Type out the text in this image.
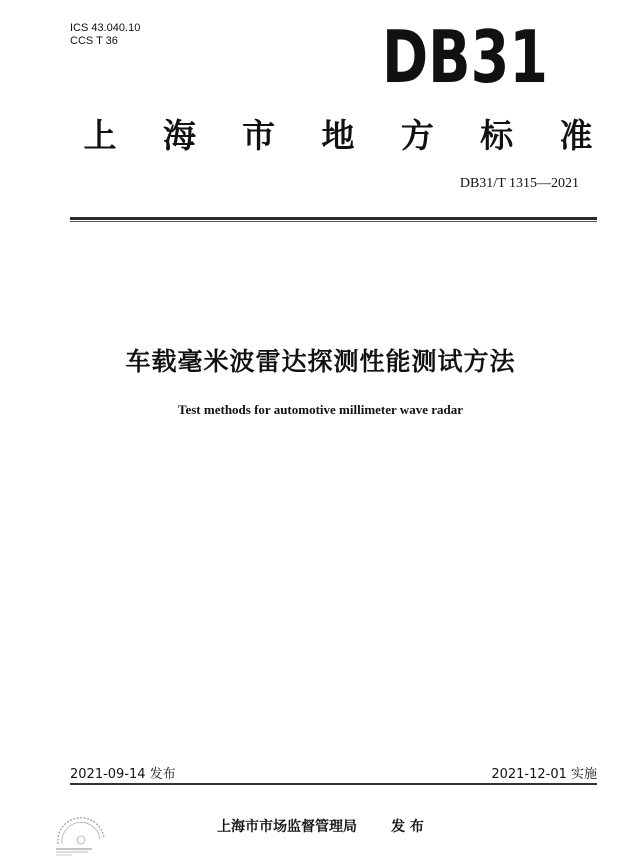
ICS 43.040.10
CCS T 36	DB31
上 海 市 地 方 标 准
DB31/T 1315—2021
车载毫米波雷达探测性能测试方法
Test methods for automotive millimeter wave radar
2021-09-14 发布	2021-12-01 实施
上海市市场监督管理局 发 布
